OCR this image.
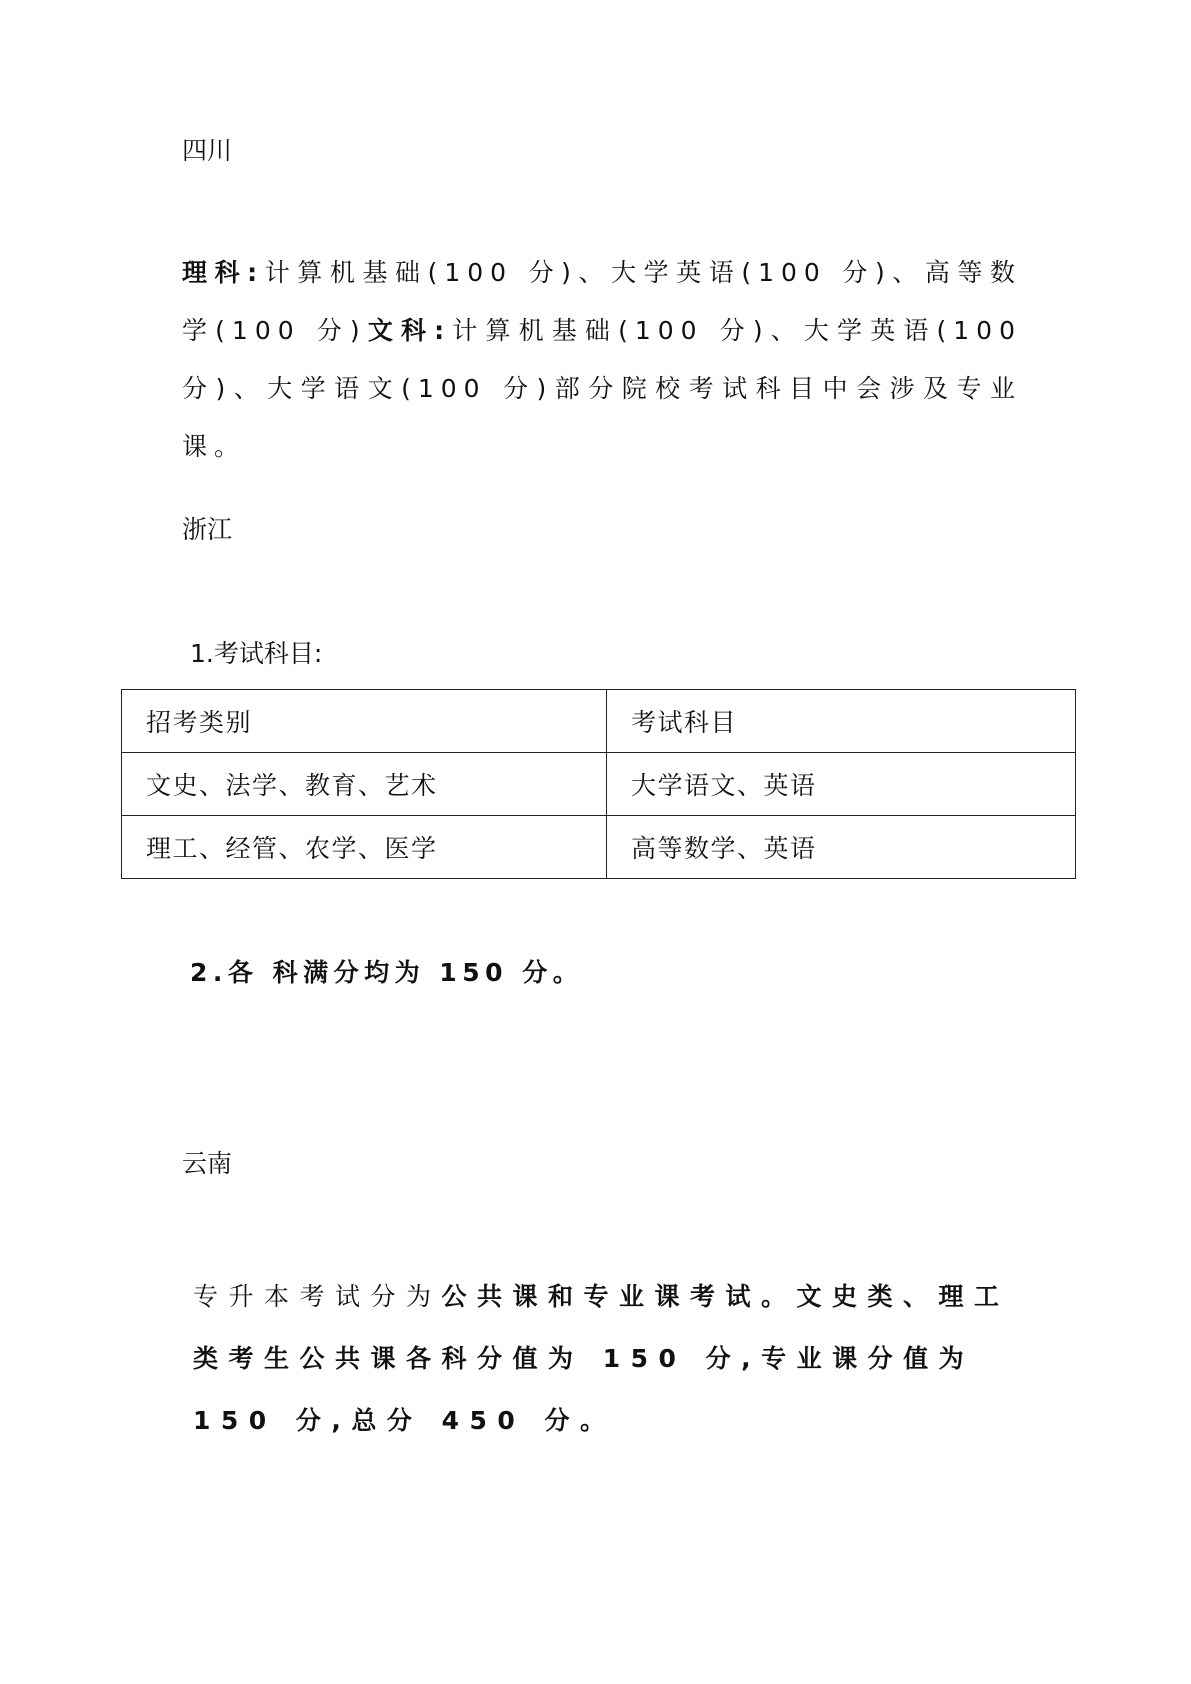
四川

理科:计算机基础(100 分)、大学英语(100 分)、高等数学(100 分)文科:计算机基础(100 分)、大学英语(100 分)、大学语文(100 分)部分院校考试科目中会涉及专业课。

浙江

1.考试科目:

招考类别	考试科目
文史、法学、教育、艺术	大学语文、英语
理工、经管、农学、医学	高等数学、英语

2.各 科满分均为 150 分。

云南

专升本考试分为公共课和专业课考试。文史类、理工类考生公共课各科分值为 150 分,专业课分值为 150 分,总分 450 分。
